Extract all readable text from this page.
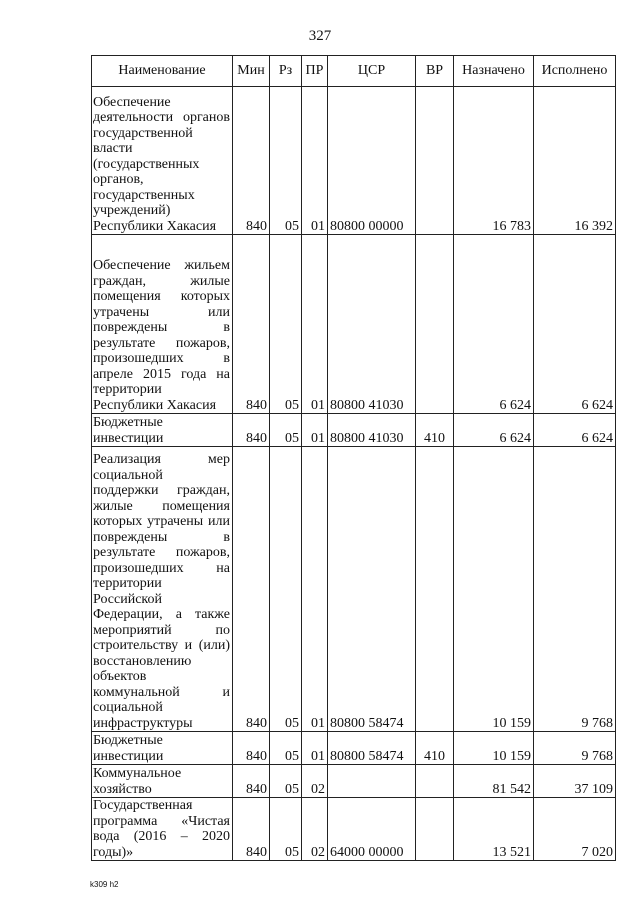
327
Наименование	Мин	Рз	ПР	ЦСР	ВР	Назначено	Исполнено
Обеспечение деятельности органов государственной власти (государственных органов, государственных учреждений) Республики Хакасия	840	05	01	80800 00000		16 783	16 392
Обеспечение жильем граждан, жилые помещения которых утрачены или повреждены в результате пожаров, произошедших в апреле 2015 года на территории Республики Хакасия	840	05	01	80800 41030		6 624	6 624
Бюджетные инвестиции	840	05	01	80800 41030	410	6 624	6 624
Реализация мер социальной поддержки граждан, жилые помещения которых утрачены или повреждены в результате пожаров, произошедших на территории Российской Федерации, а также мероприятий по строительству и (или) восстановлению объектов коммунальной и социальной инфраструктуры	840	05	01	80800 58474		10 159	9 768
Бюджетные инвестиции	840	05	01	80800 58474	410	10 159	9 768
Коммунальное хозяйство	840	05	02			81 542	37 109
Государственная программа «Чистая вода (2016 – 2020 годы)»	840	05	02	64000 00000		13 521	7 020
k309 h2
